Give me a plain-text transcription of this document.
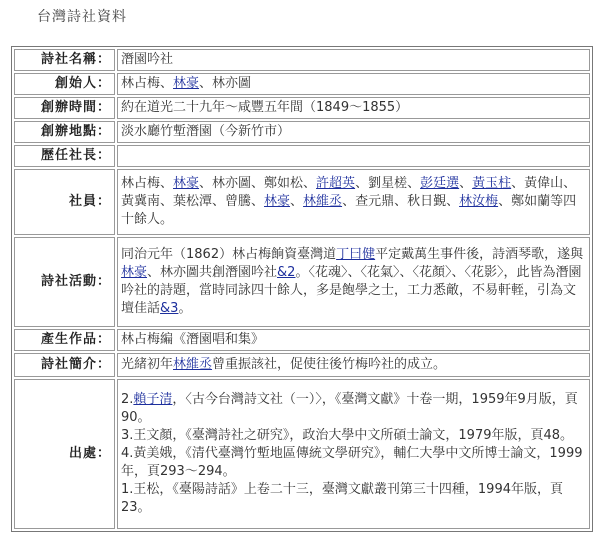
台灣詩社資料
詩社名稱：	潛園吟社
創始人：	林占梅、林豪、林亦圖
創辦時間：	約在道光二十九年～咸豐五年間（1849～1855）
創辦地點：	淡水廳竹塹潛園（今新竹市）
歷任社長：	
社員：	林占梅、林豪、林亦圖、鄭如松、許超英、劉星槎、彭廷選、黃玉柱、黃偉山、黃冀南、葉松潭、曾騰、林豪、林維丞、查元鼎、秋日覲、林汝梅、鄭如蘭等四十餘人。
詩社活動：	同治元年（1862）林占梅餉資臺灣道丁曰健平定戴萬生事件後，詩酒琴歌，遂與林豪、林亦圖共創潛園吟社&2。〈花魂〉、〈花氣〉、〈花顏〉、〈花影〉，此皆為潛園吟社的詩題，當時同詠四十餘人，多是飽學之士，工力悉敵，不易軒輊，引為文壇佳話&3。
產生作品：	林占梅編《潛園唱和集》
詩社簡介：	光緒初年林維丞曾重振該社，促使往後竹梅吟社的成立。
出處：	2.賴子清，〈古今台灣詩文社（一）〉，《臺灣文獻》十卷一期，1959年9月版，頁90。
3.王文顏，《臺灣詩社之研究》，政治大學中文所碩士論文，1979年版，頁48。
4.黃美娥，《清代臺灣竹塹地區傳統文學研究》，輔仁大學中文所博士論文，1999年，頁293～294。
1.王松，《臺陽詩話》上卷二十三，臺灣文獻叢刊第三十四種，1994年版，頁23。
